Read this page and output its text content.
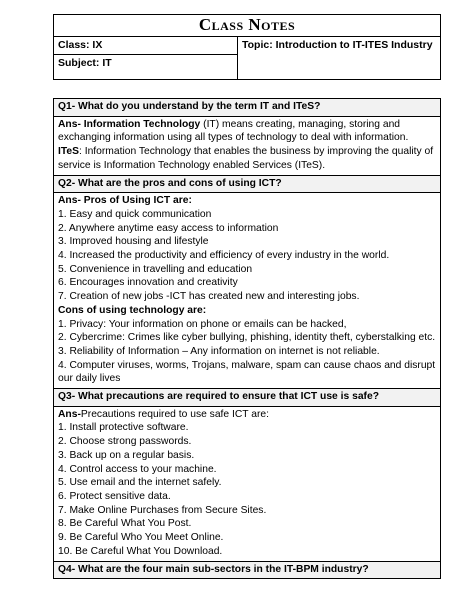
Class Notes
Class: IX	Topic: Introduction to IT-ITES Industry
Subject: IT
Q1- What do you understand by the term IT and ITeS?
Ans- Information Technology (IT) means creating, managing, storing and exchanging information using all types of technology to deal with information.
ITeS: Information Technology that enables the business by improving the quality of service is Information Technology enabled Services (ITeS).
Q2- What are the pros and cons of using ICT?

Ans- Pros of Using ICT are:
1. Easy and quick communication
2. Anywhere anytime easy access to information
3. Improved housing and lifestyle
4. Increased the productivity and efficiency of every industry in the world.
5. Convenience in travelling and education
6. Encourages innovation and creativity
7. Creation of new jobs -ICT has created new and interesting jobs.
Cons of using technology are:
1. Privacy: Your information on phone or emails can be hacked,
2. Cybercrime: Crimes like cyber bullying, phishing, identity theft, cyberstalking etc.
3. Reliability of Information – Any information on internet is not reliable.
4. Computer viruses, worms, Trojans, malware, spam can cause chaos and disrupt our daily lives

Q3- What precautions are required to ensure that ICT use is safe?
Ans-Precautions required to use safe ICT are:
1. Install protective software.
2. Choose strong passwords.
3. Back up on a regular basis.
4. Control access to your machine.
5. Use email and the internet safely.
6. Protect sensitive data.
7. Make Online Purchases from Secure Sites.
8. Be Careful What You Post.
9. Be Careful Who You Meet Online.
10. Be Careful What You Download.

Q4- What are the four main sub-sectors in the IT-BPM industry?
